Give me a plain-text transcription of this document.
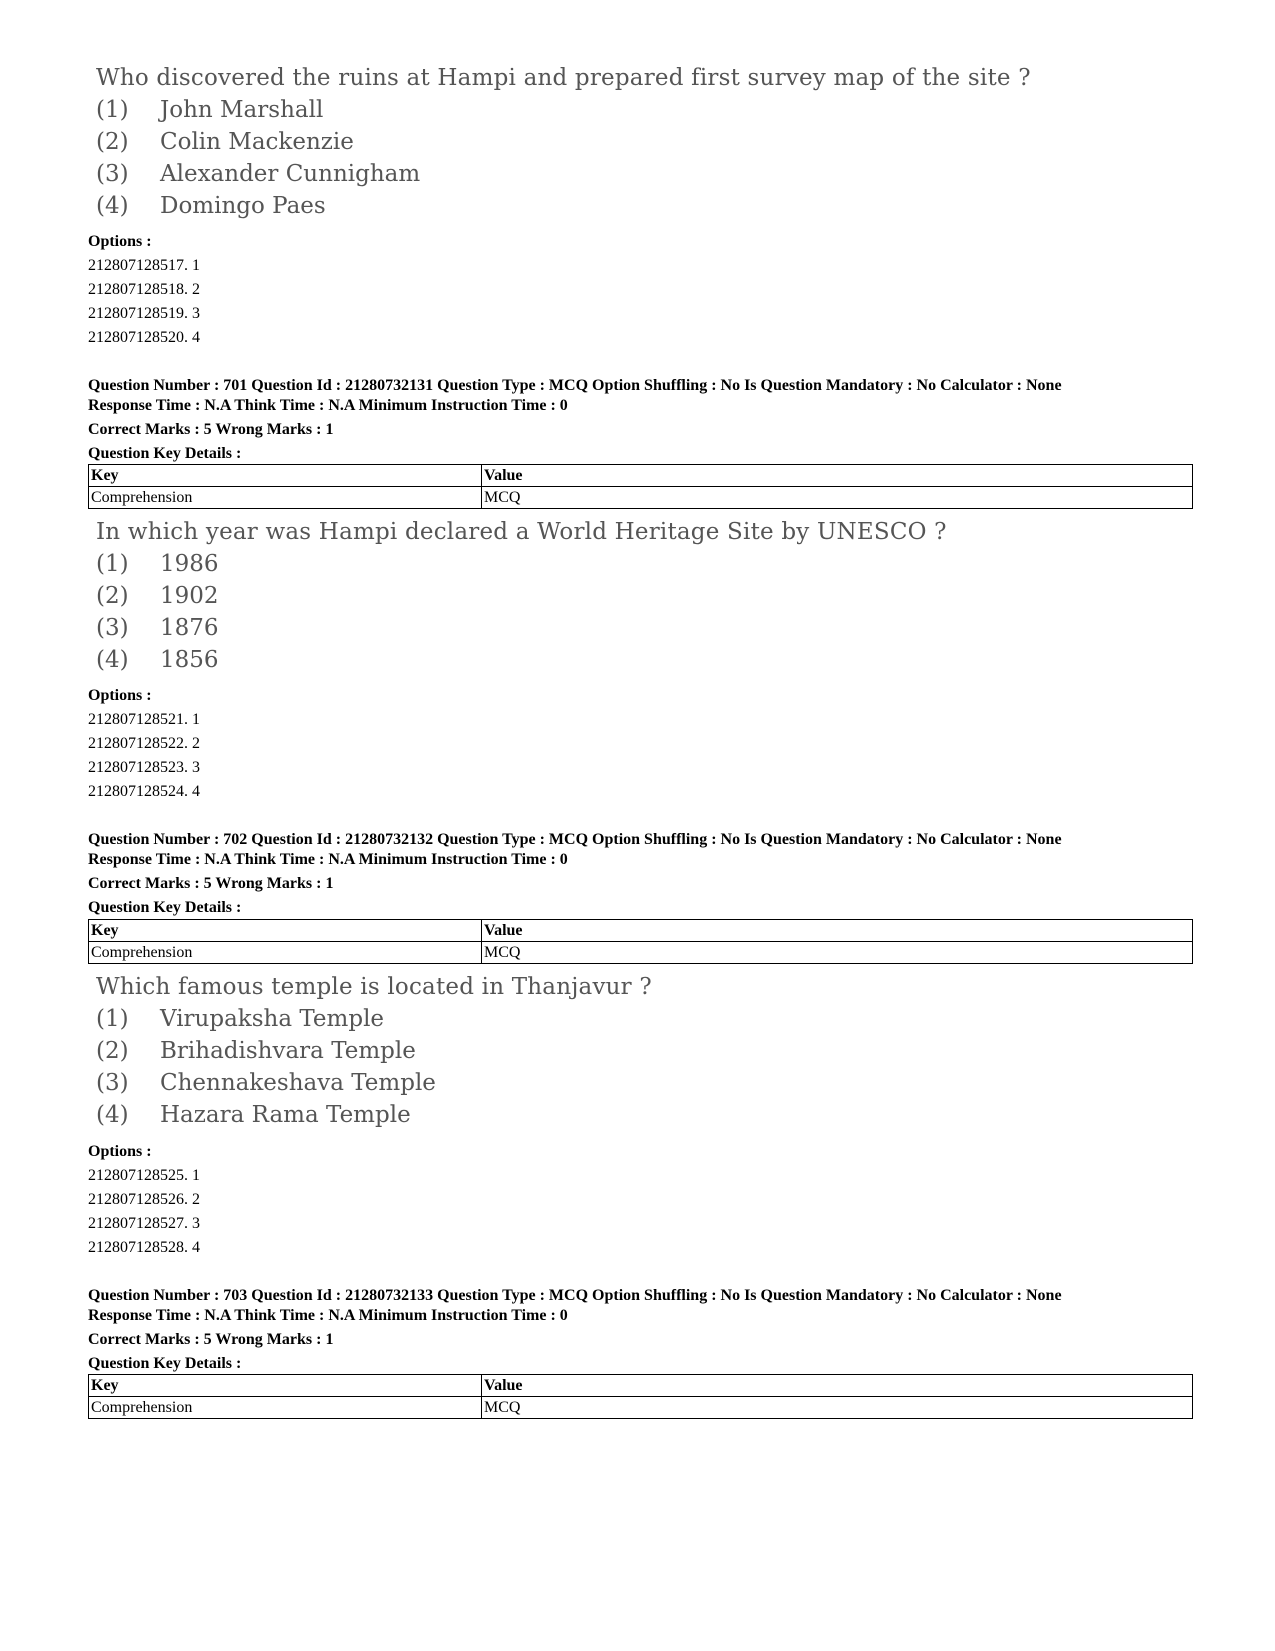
Who discovered the ruins at Hampi and prepared first survey map of the site ?
(1)	John Marshall
(2)	Colin Mackenzie
(3)	Alexander Cunnigham
(4)	Domingo Paes
Options :
212807128517. 1
212807128518. 2
212807128519. 3
212807128520. 4
Question Number : 701 Question Id : 21280732131 Question Type : MCQ Option Shuffling : No Is Question Mandatory : No Calculator : None
Response Time : N.A Think Time : N.A Minimum Instruction Time : 0
Correct Marks : 5 Wrong Marks : 1
Question Key Details :
Key	Value
Comprehension	MCQ
In which year was Hampi declared a World Heritage Site by UNESCO ?
(1)	1986
(2)	1902
(3)	1876
(4)	1856
Options :
212807128521. 1
212807128522. 2
212807128523. 3
212807128524. 4
Question Number : 702 Question Id : 21280732132 Question Type : MCQ Option Shuffling : No Is Question Mandatory : No Calculator : None
Response Time : N.A Think Time : N.A Minimum Instruction Time : 0
Correct Marks : 5 Wrong Marks : 1
Question Key Details :
Key	Value
Comprehension	MCQ
Which famous temple is located in Thanjavur ?
(1)	Virupaksha Temple
(2)	Brihadishvara Temple
(3)	Chennakeshava Temple
(4)	Hazara Rama Temple
Options :
212807128525. 1
212807128526. 2
212807128527. 3
212807128528. 4
Question Number : 703 Question Id : 21280732133 Question Type : MCQ Option Shuffling : No Is Question Mandatory : No Calculator : None
Response Time : N.A Think Time : N.A Minimum Instruction Time : 0
Correct Marks : 5 Wrong Marks : 1
Question Key Details :
Key	Value
Comprehension	MCQ
